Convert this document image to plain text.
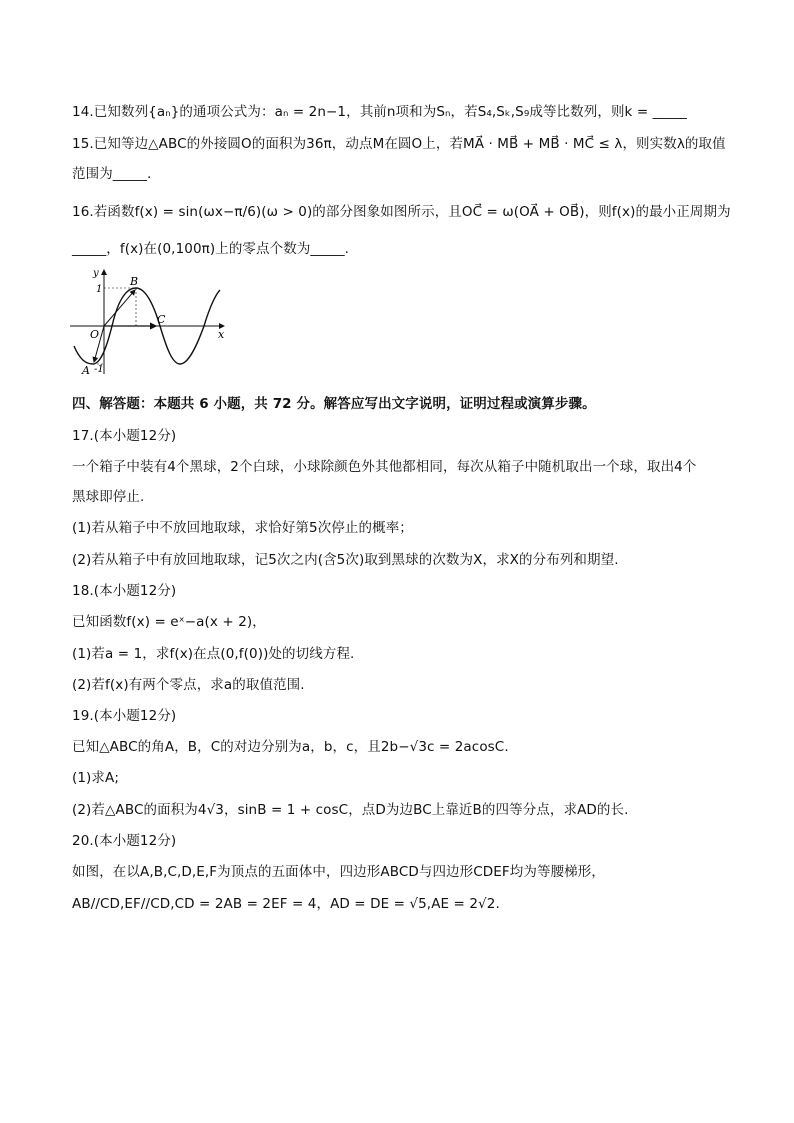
14.已知数列{aₙ}的通项公式为：aₙ = 2n−1，其前n项和为Sₙ，若S₄,Sₖ,S₉成等比数列，则k = _____
15.已知等边△ABC的外接圆O的面积为36π，动点M在圆O上，若MA⃗ · MB⃗ + MB⃗ · MC⃗ ≤ λ，则实数λ的取值
范围为_____.
16.若函数f(x) = sin(ωx−π/6)(ω > 0)的部分图象如图所示，且OC⃗ = ω(OA⃗ + OB⃗)，则f(x)的最小正周期为
_____，f(x)在(0,100π)上的零点个数为_____.
x
y
O
1
-1
A
B
C
四、解答题：本题共 6 小题，共 72 分。解答应写出文字说明，证明过程或演算步骤。
17.(本小题12分)
一个箱子中装有4个黑球，2个白球，小球除颜色外其他都相同，每次从箱子中随机取出一个球，取出4个
黑球即停止.
(1)若从箱子中不放回地取球，求恰好第5次停止的概率；
(2)若从箱子中有放回地取球，记5次之内(含5次)取到黑球的次数为X，求X的分布列和期望.
18.(本小题12分)
已知函数f(x) = eˣ−a(x + 2)，
(1)若a = 1，求f(x)在点(0,f(0))处的切线方程.
(2)若f(x)有两个零点，求a的取值范围.
19.(本小题12分)
已知△ABC的角A，B，C的对边分别为a，b，c，且2b−√3c = 2acosC.
(1)求A;
(2)若△ABC的面积为4√3，sinB = 1 + cosC，点D为边BC上靠近B的四等分点，求AD的长.
20.(本小题12分)
如图，在以A,B,C,D,E,F为顶点的五面体中，四边形ABCD与四边形CDEF均为等腰梯形，
AB//CD,EF//CD,CD = 2AB = 2EF = 4，AD = DE = √5,AE = 2√2.
